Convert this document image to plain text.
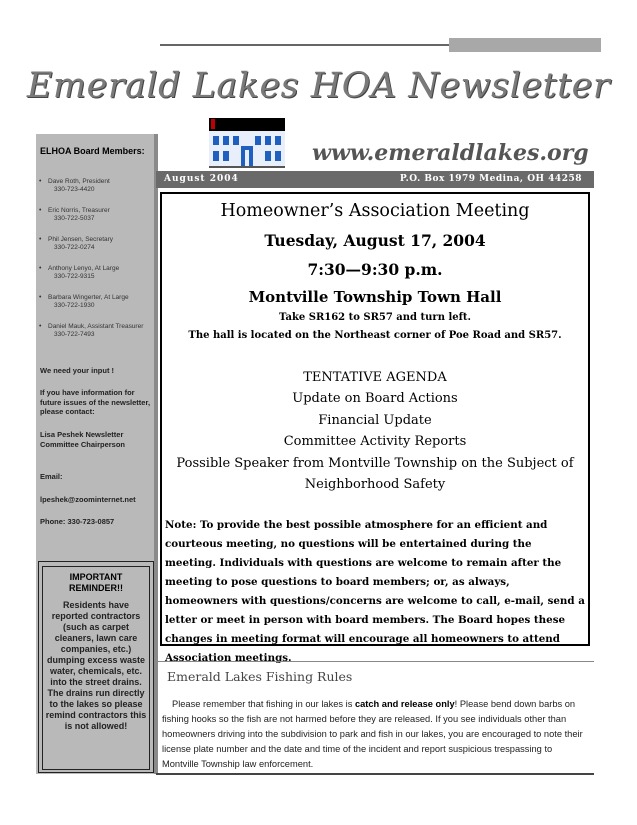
Emerald Lakes HOA Newsletter
www.emeraldlakes.org
ELHOA Board Members:
• Dave Roth, President
330-723-4420
• Eric Norris, Treasurer
330-722-5037
• Phil Jensen, Secretary
330-722-0274
• Anthony Lenyo, At Large
330-722-9315
• Barbara Wingerter, At Large
330-722-1930
• Daniel Mauk, Assistant Treasurer
330-722-7493
We need your input !
If you have information for future issues of the newsletter, please contact:
Lisa Peshek Newsletter Committee Chairperson
Email:
lpeshek@zoominternet.net
Phone: 330-723-0857
IMPORTANT REMINDER!!
Residents have reported contractors (such as carpet cleaners, lawn care companies, etc.) dumping excess waste water, chemicals, etc. into the street drains. The drains run directly to the lakes so please remind contractors this is not allowed!
August 2004	P.O. Box 1979 Medina, OH 44258
Homeowner’s Association Meeting
Tuesday, August 17, 2004
7:30—9:30 p.m.
Montville Township Town Hall
Take SR162 to SR57 and turn left.
The hall is located on the Northeast corner of Poe Road and SR57.
TENTATIVE AGENDA
Update on Board Actions
Financial Update
Committee Activity Reports
Possible Speaker from Montville Township on the Subject of
Neighborhood Safety
Note: To provide the best possible atmosphere for an efficient and courteous meeting, no questions will be entertained during the meeting. Individuals with questions are welcome to remain after the meeting to pose questions to board members; or, as always, homeowners with questions/concerns are welcome to call, e-mail, send a letter or meet in person with board members. The Board hopes these changes in meeting format will encourage all homeowners to attend Association meetings.
Emerald Lakes Fishing Rules
Please remember that fishing in our lakes is catch and release only! Please bend down barbs on fishing hooks so the fish are not harmed before they are released. If you see individuals other than homeowners driving into the subdivision to park and fish in our lakes, you are encouraged to note their license plate number and the date and time of the incident and report suspicious trespassing to Montville Township law enforcement.
